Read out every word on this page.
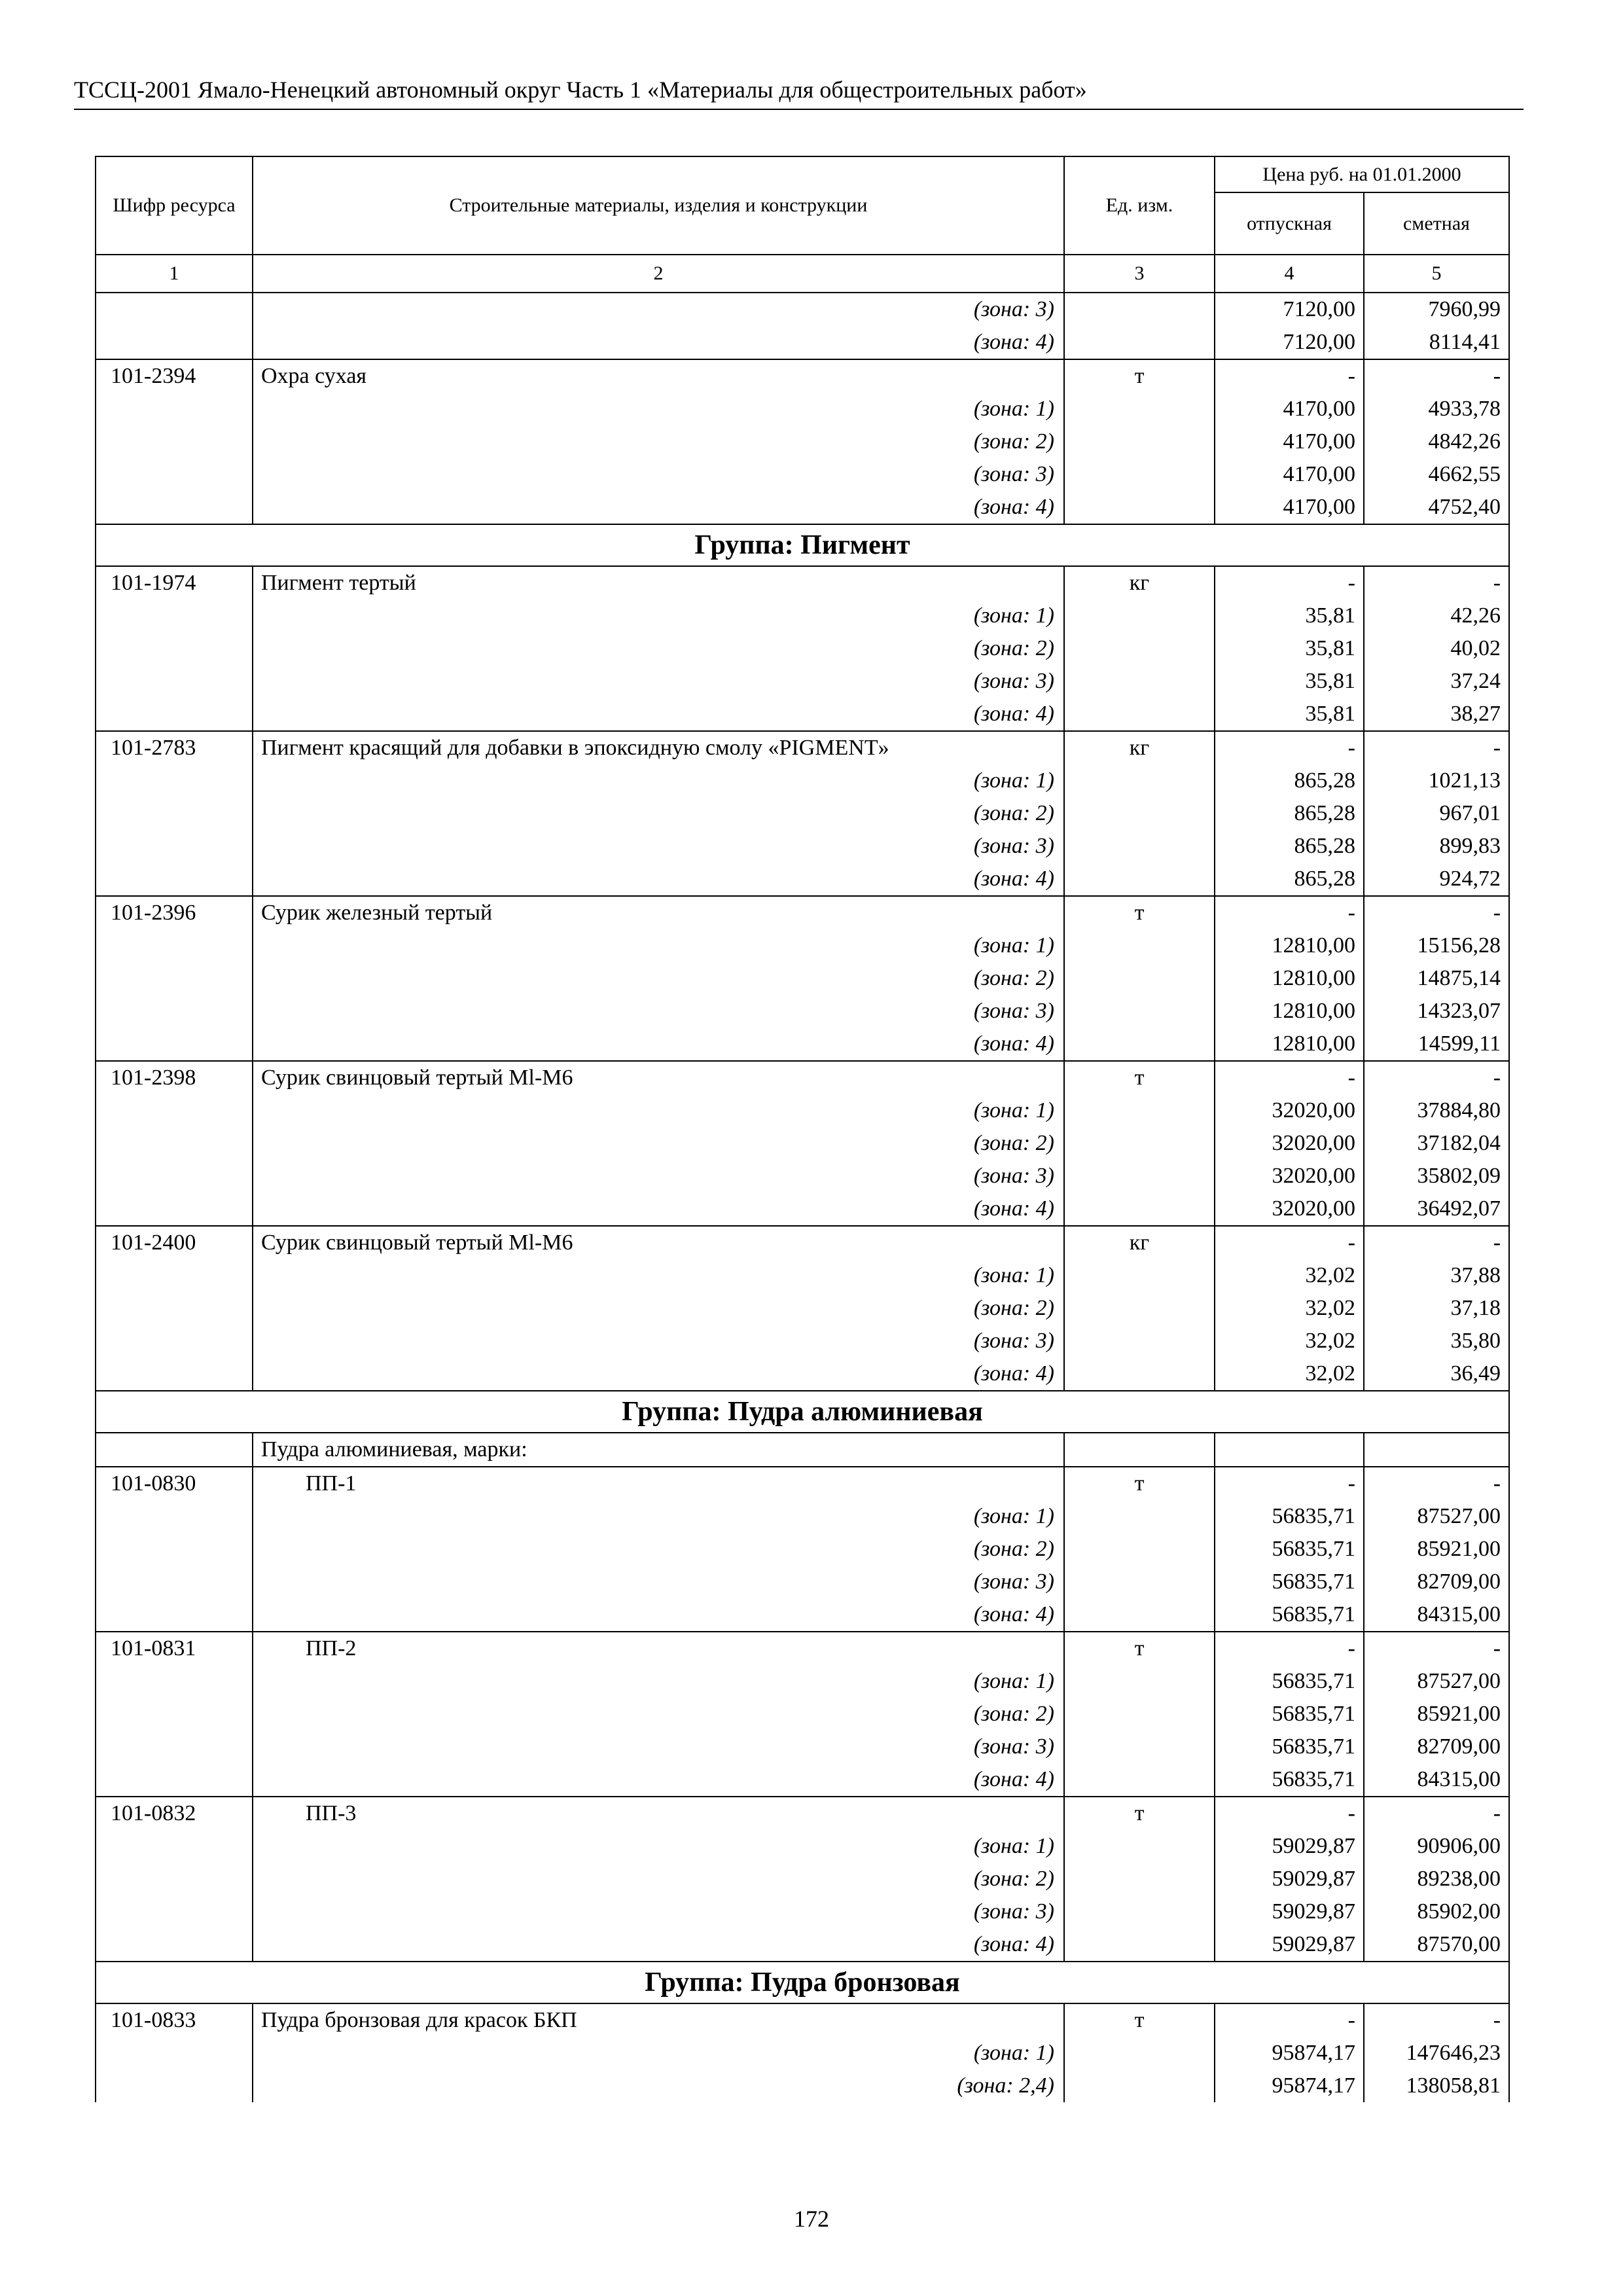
ТССЦ-2001 Ямало-Ненецкий автономный округ Часть 1 «Материалы для общестроительных работ»
Шифр ресурса	Строительные материалы, изделия и конструкции	Ед. изм.	Цена руб. на 01.01.2000	
			отпускная	сметная
1	2	3	4	5
	(зона: 3)		7120,00	7960,99
	(зона: 4)		7120,00	8114,41
101-2394	Охра сухая	т	-	-
	(зона: 1)		4170,00	4933,78
	(зона: 2)		4170,00	4842,26
	(зона: 3)		4170,00	4662,55
	(зона: 4)		4170,00	4752,40
Группа: Пигмент				
101-1974	Пигмент тертый	кг	-	-
	(зона: 1)		35,81	42,26
	(зона: 2)		35,81	40,02
	(зона: 3)		35,81	37,24
	(зона: 4)		35,81	38,27
101-2783	Пигмент красящий для добавки в эпоксидную смолу «PIGMENT»	кг	-	-
	(зона: 1)		865,28	1021,13
	(зона: 2)		865,28	967,01
	(зона: 3)		865,28	899,83
	(зона: 4)		865,28	924,72
101-2396	Сурик железный тертый	т	-	-
	(зона: 1)		12810,00	15156,28
	(зона: 2)		12810,00	14875,14
	(зона: 3)		12810,00	14323,07
	(зона: 4)		12810,00	14599,11
101-2398	Сурик свинцовый тертый Ml-М6	т	-	-
	(зона: 1)		32020,00	37884,80
	(зона: 2)		32020,00	37182,04
	(зона: 3)		32020,00	35802,09
	(зона: 4)		32020,00	36492,07
101-2400	Сурик свинцовый тертый Ml-М6	кг	-	-
	(зона: 1)		32,02	37,88
	(зона: 2)		32,02	37,18
	(зона: 3)		32,02	35,80
	(зона: 4)		32,02	36,49
Группа: Пудра алюминиевая				
	Пудра алюминиевая, марки:			
101-0830	ПП-1	т	-	-
	(зона: 1)		56835,71	87527,00
	(зона: 2)		56835,71	85921,00
	(зона: 3)		56835,71	82709,00
	(зона: 4)		56835,71	84315,00
101-0831	ПП-2	т	-	-
	(зона: 1)		56835,71	87527,00
	(зона: 2)		56835,71	85921,00
	(зона: 3)		56835,71	82709,00
	(зона: 4)		56835,71	84315,00
101-0832	ПП-3	т	-	-
	(зона: 1)		59029,87	90906,00
	(зона: 2)		59029,87	89238,00
	(зона: 3)		59029,87	85902,00
	(зона: 4)		59029,87	87570,00
Группа: Пудра бронзовая				
101-0833	Пудра бронзовая для красок БКП	т	-	-
	(зона: 1)		95874,17	147646,23
	(зона: 2,4)		95874,17	138058,81
172
